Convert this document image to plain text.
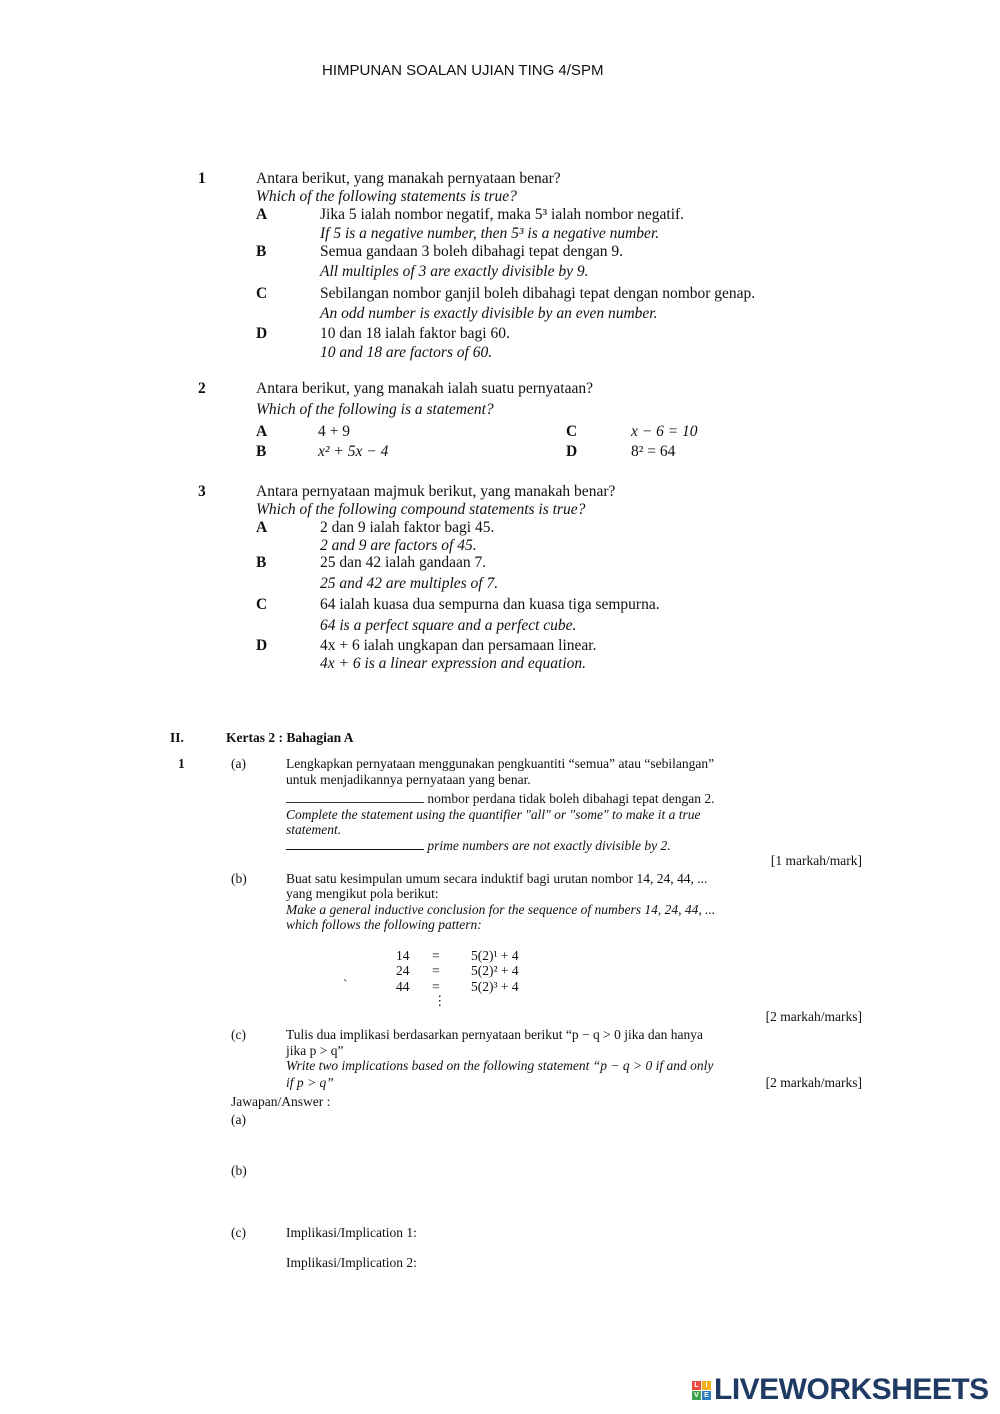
HIMPUNAN SOALAN UJIAN TING 4/SPM
1	Antara berikut, yang manakah pernyataan benar?
Which of the following statements is true?
A	Jika 5 ialah nombor negatif, maka 5³ ialah nombor negatif.
If 5 is a negative number, then 5³ is a negative number.
B	Semua gandaan 3 boleh dibahagi tepat dengan 9.
All multiples of 3 are exactly divisible by 9.
C	Sebilangan nombor ganjil boleh dibahagi tepat dengan nombor genap.
An odd number is exactly divisible by an even number.
D	10 dan 18 ialah faktor bagi 60.
10 and 18 are factors of 60.
2	Antara berikut, yang manakah ialah suatu pernyataan?
Which of the following is a statement?
A	4 + 9
B	x² + 5x − 4
C	x − 6 = 10
D	8² = 64
3	Antara pernyataan majmuk berikut, yang manakah benar?
Which of the following compound statements is true?
A	2 dan 9 ialah faktor bagi 45.
2 and 9 are factors of 45.
B	25 dan 42 ialah gandaan 7.
25 and 42 are multiples of 7.
C	64 ialah kuasa dua sempurna dan kuasa tiga sempurna.
64 is a perfect square and a perfect cube.
D	4x + 6 ialah ungkapan dan persamaan linear.
4x + 6 is a linear expression and equation.
II.	Kertas 2 : Bahagian A
1	(a)	Lengkapkan pernyataan menggunakan pengkuantiti “semua” atau “sebilangan”
untuk menjadikannya pernyataan yang benar.
nombor perdana tidak boleh dibahagi tepat dengan 2.
Complete the statement using the quantifier "all" or "some" to make it a true
statement.
prime numbers are not exactly divisible by 2.
[1 markah/mark]
(b)	Buat satu kesimpulan umum secara induktif bagi urutan nombor 14, 24, 44, ...
yang mengikut pola berikut:
Make a general inductive conclusion for the sequence of numbers 14, 24, 44, ...
which follows the following pattern:
14 = 5(2)¹ + 4
24 = 5(2)² + 4
`	44 = 5(2)³ + 4
⋮
[2 markah/marks]
(c)	Tulis dua implikasi berdasarkan pernyataan berikut “p − q > 0 jika dan hanya
jika p > q”
Write two implications based on the following statement “p − q > 0 if and only
if p > q”	[2 markah/marks]
Jawapan/Answer :
(a)
(b)
(c)	Implikasi/Implication 1:
Implikasi/Implication 2:
L I
V E LIVEWORKSHEETS
